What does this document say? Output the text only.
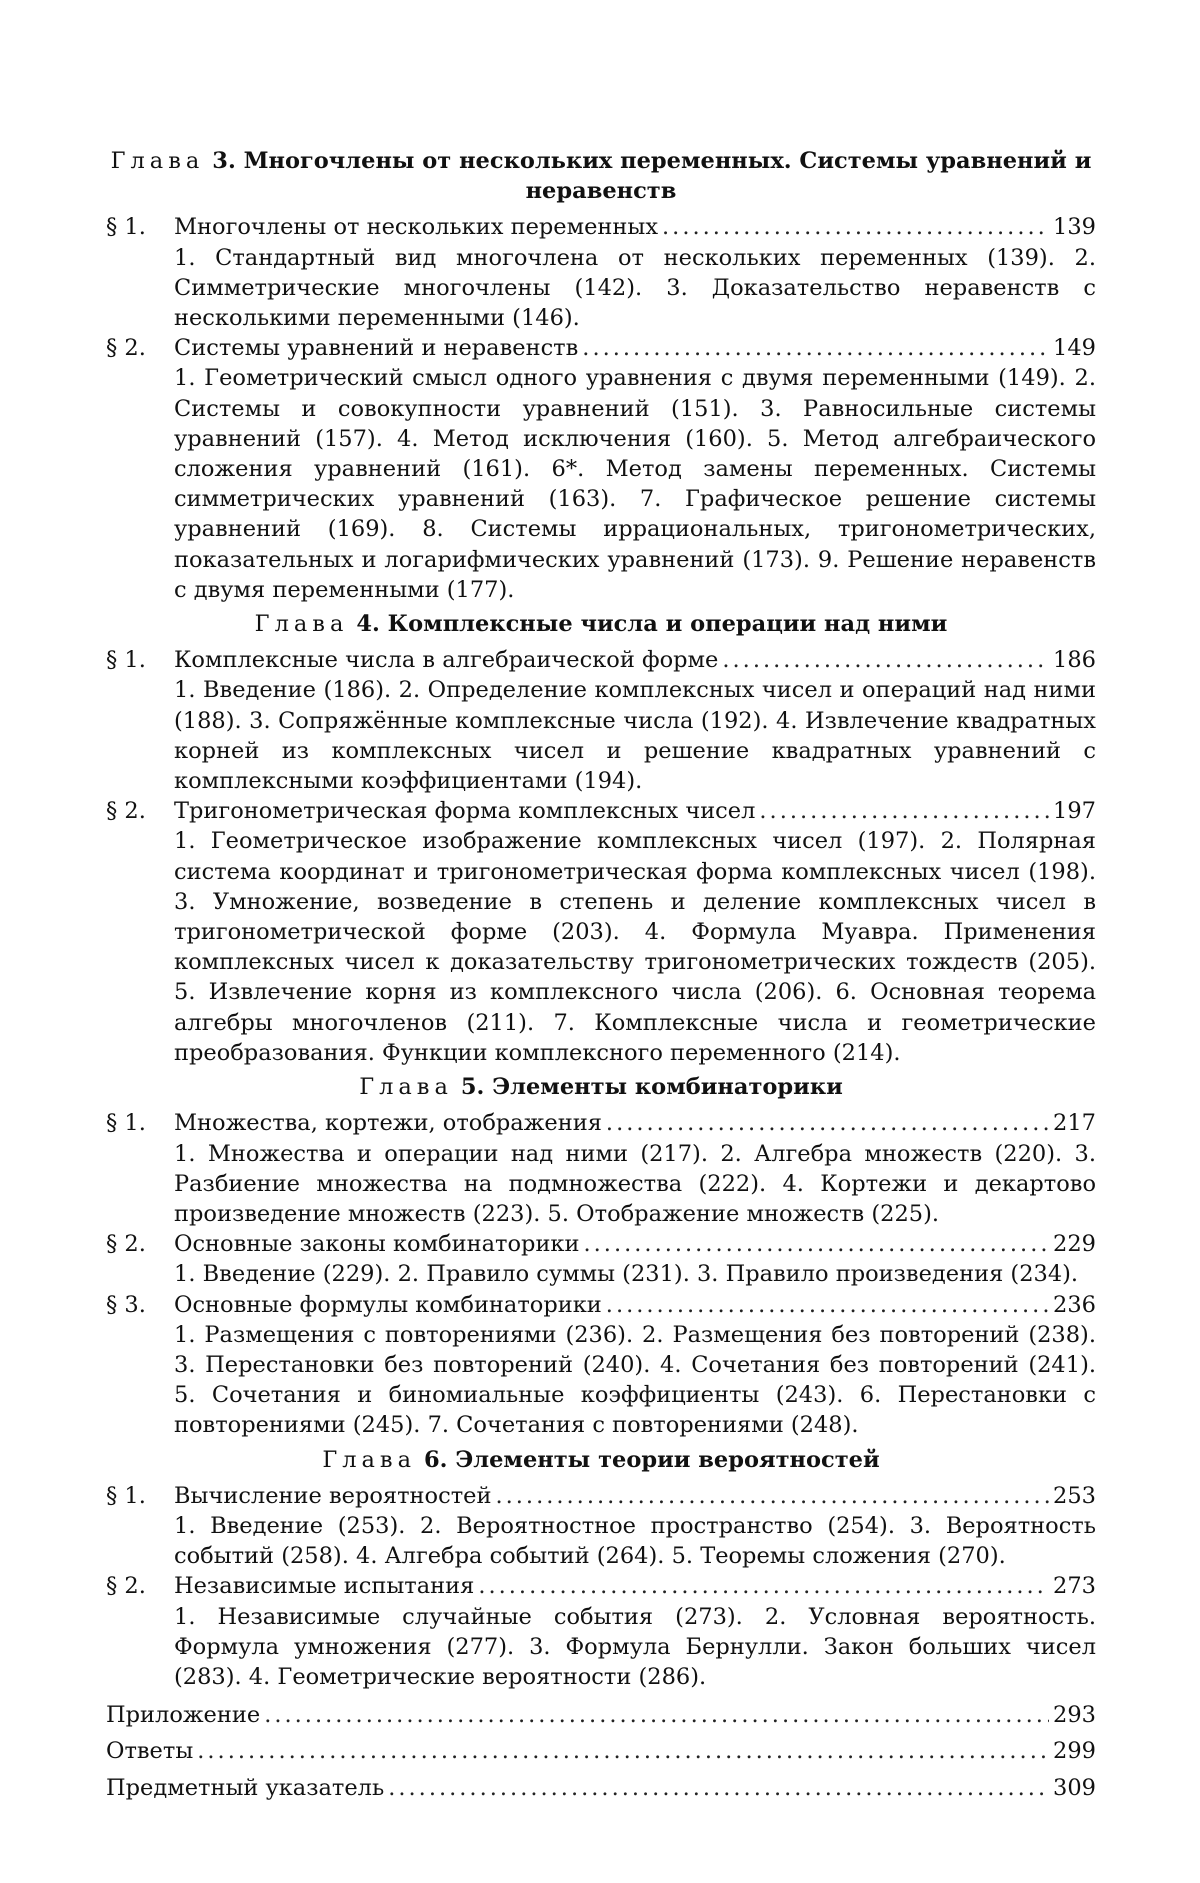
Глава 3. Многочлены от нескольких переменных. Системы уравнений и неравенств
§ 1.	Многочлены от нескольких переменных .....	139
1. Стандартный вид многочлена от нескольких переменных (139). 2. Симметрические многочлены (142). 3. Доказательство неравенств с несколькими переменными (146).
§ 2.	Системы уравнений и неравенств .....	149
1. Геометрический смысл одного уравнения с двумя переменными (149). 2. Системы и совокупности уравнений (151). 3. Равносильные системы уравнений (157). 4. Метод исключения (160). 5. Метод алгебраического сложения уравнений (161). 6*. Метод замены переменных. Системы симметрических уравнений (163). 7. Графическое решение системы уравнений (169). 8. Системы иррациональных, тригонометрических, показательных и логарифмических уравнений (173). 9. Решение неравенств с двумя переменными (177).
Глава 4. Комплексные числа и операции над ними
§ 1.	Комплексные числа в алгебраической форме .....	186
1. Введение (186). 2. Определение комплексных чисел и операций над ними (188). 3. Сопряжённые комплексные числа (192). 4. Извлечение квадратных корней из комплексных чисел и решение квадратных уравнений с комплексными коэффициентами (194).
§ 2.	Тригонометрическая форма комплексных чисел .....	197
1. Геометрическое изображение комплексных чисел (197). 2. Полярная система координат и тригонометрическая форма комплексных чисел (198). 3. Умножение, возведение в степень и деление комплексных чисел в тригонометрической форме (203). 4. Формула Муавра. Применения комплексных чисел к доказательству тригонометрических тождеств (205). 5. Извлечение корня из комплексного числа (206). 6. Основная теорема алгебры многочленов (211). 7. Комплексные числа и геометрические преобразования. Функции комплексного переменного (214).
Глава 5. Элементы комбинаторики
§ 1.	Множества, кортежи, отображения .....	217
1. Множества и операции над ними (217). 2. Алгебра множеств (220). 3. Разбиение множества на подмножества (222). 4. Кортежи и декартово произведение множеств (223). 5. Отображение множеств (225).
§ 2.	Основные законы комбинаторики .....	229
1. Введение (229). 2. Правило суммы (231). 3. Правило произведения (234).
§ 3.	Основные формулы комбинаторики .....	236
1. Размещения с повторениями (236). 2. Размещения без повторений (238). 3. Перестановки без повторений (240). 4. Сочетания без повторений (241). 5. Сочетания и биномиальные коэффициенты (243). 6. Перестановки с повторениями (245). 7. Сочетания с повторениями (248).
Глава 6. Элементы теории вероятностей
§ 1.	Вычисление вероятностей .....	253
1. Введение (253). 2. Вероятностное пространство (254). 3. Вероятность событий (258). 4. Алгебра событий (264). 5. Теоремы сложения (270).
§ 2.	Независимые испытания .....	273
1. Независимые случайные события (273). 2. Условная вероятность. Формула умножения (277). 3. Формула Бернулли. Закон больших чисел (283). 4. Геометрические вероятности (286).
Приложение .....	293
Ответы .....	299
Предметный указатель .....	309
